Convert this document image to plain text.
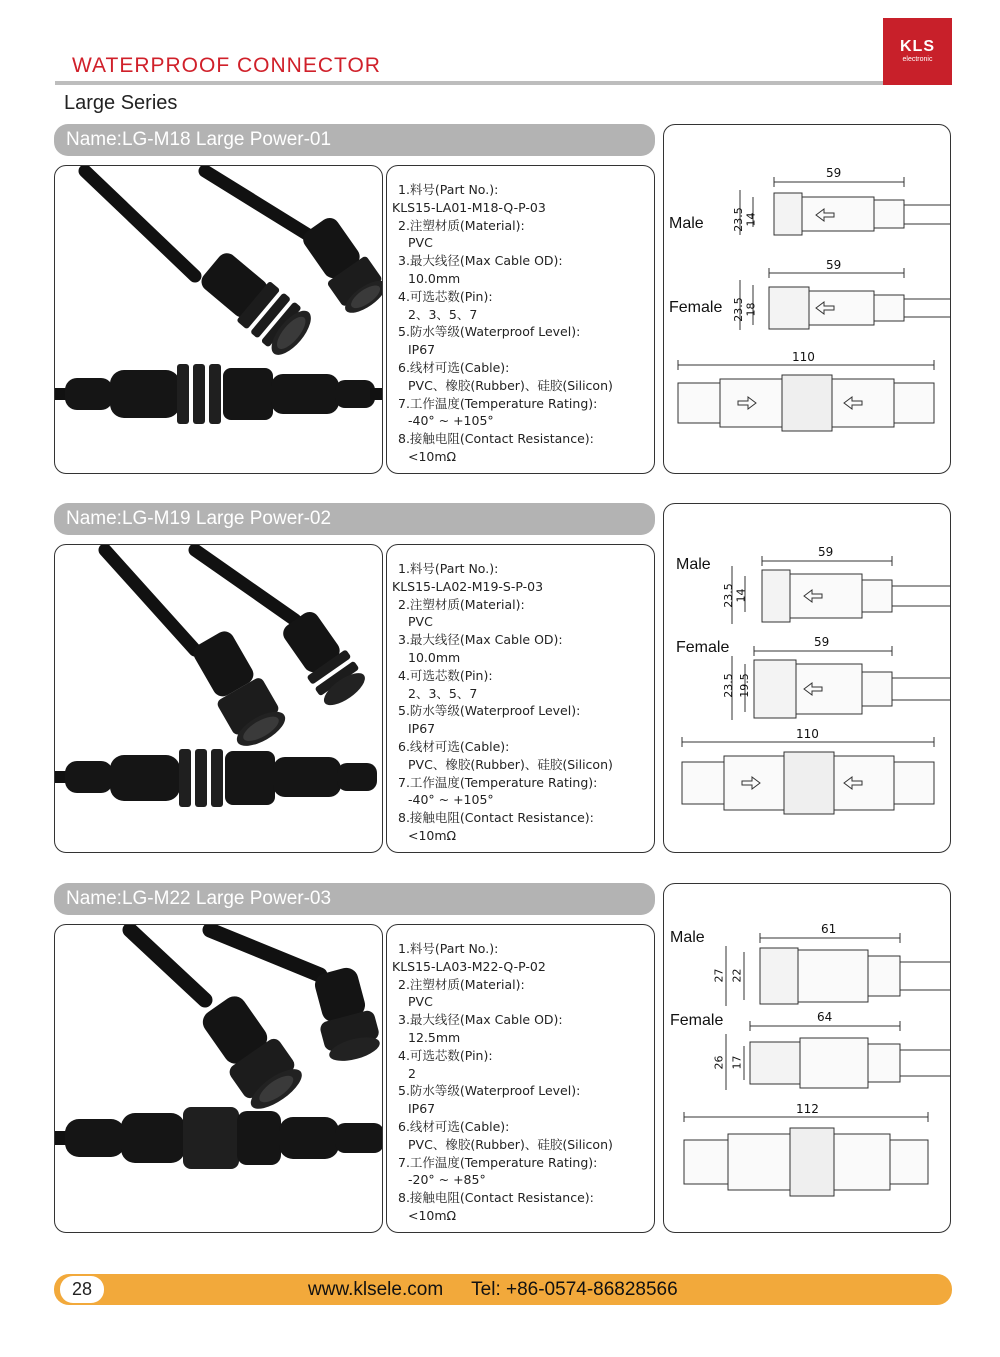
WATERPROOF CONNECTOR
KLS
electronic
Large Series
Name:LG-M18 Large Power-01
1.料号(Part No.):
KLS15-LA01-M18-Q-P-03
2.注塑材质(Material):
PVC
3.最大线径(Max Cable OD):
10.0mm
4.可选芯数(Pin):
2、3、5、7
5.防水等级(Waterproof Level):
IP67
6.线材可选(Cable):
PVC、橡胶(Rubber)、硅胶(Silicon)
7.工作温度(Temperature Rating):
-40° ~ +105°
8.接触电阻(Contact Resistance):
<10mΩ
Male
59
23.5 14
Female
59
23.5 18
110
Name:LG-M19 Large Power-02
1.料号(Part No.):
KLS15-LA02-M19-S-P-03
2.注塑材质(Material):
PVC
3.最大线径(Max Cable OD):
10.0mm
4.可选芯数(Pin):
2、3、5、7
5.防水等级(Waterproof Level):
IP67
6.线材可选(Cable):
PVC、橡胶(Rubber)、硅胶(Silicon)
7.工作温度(Temperature Rating):
-40° ~ +105°
8.接触电阻(Contact Resistance):
<10mΩ
Male
59
23.5 14
Female	59
23.5 19.5
110
Name:LG-M22 Large Power-03
1.料号(Part No.):
KLS15-LA03-M22-Q-P-02
2.注塑材质(Material):
PVC
3.最大线径(Max Cable OD):
12.5mm
4.可选芯数(Pin):
2
5.防水等级(Waterproof Level):
IP67
6.线材可选(Cable):
PVC、橡胶(Rubber)、硅胶(Silicon)
7.工作温度(Temperature Rating):
-20° ~ +85°
8.接触电阻(Contact Resistance):
<10mΩ
Male	61
27 22
Female	64
26 17
112
28	www.klsele.com Tel: +86-0574-86828566
